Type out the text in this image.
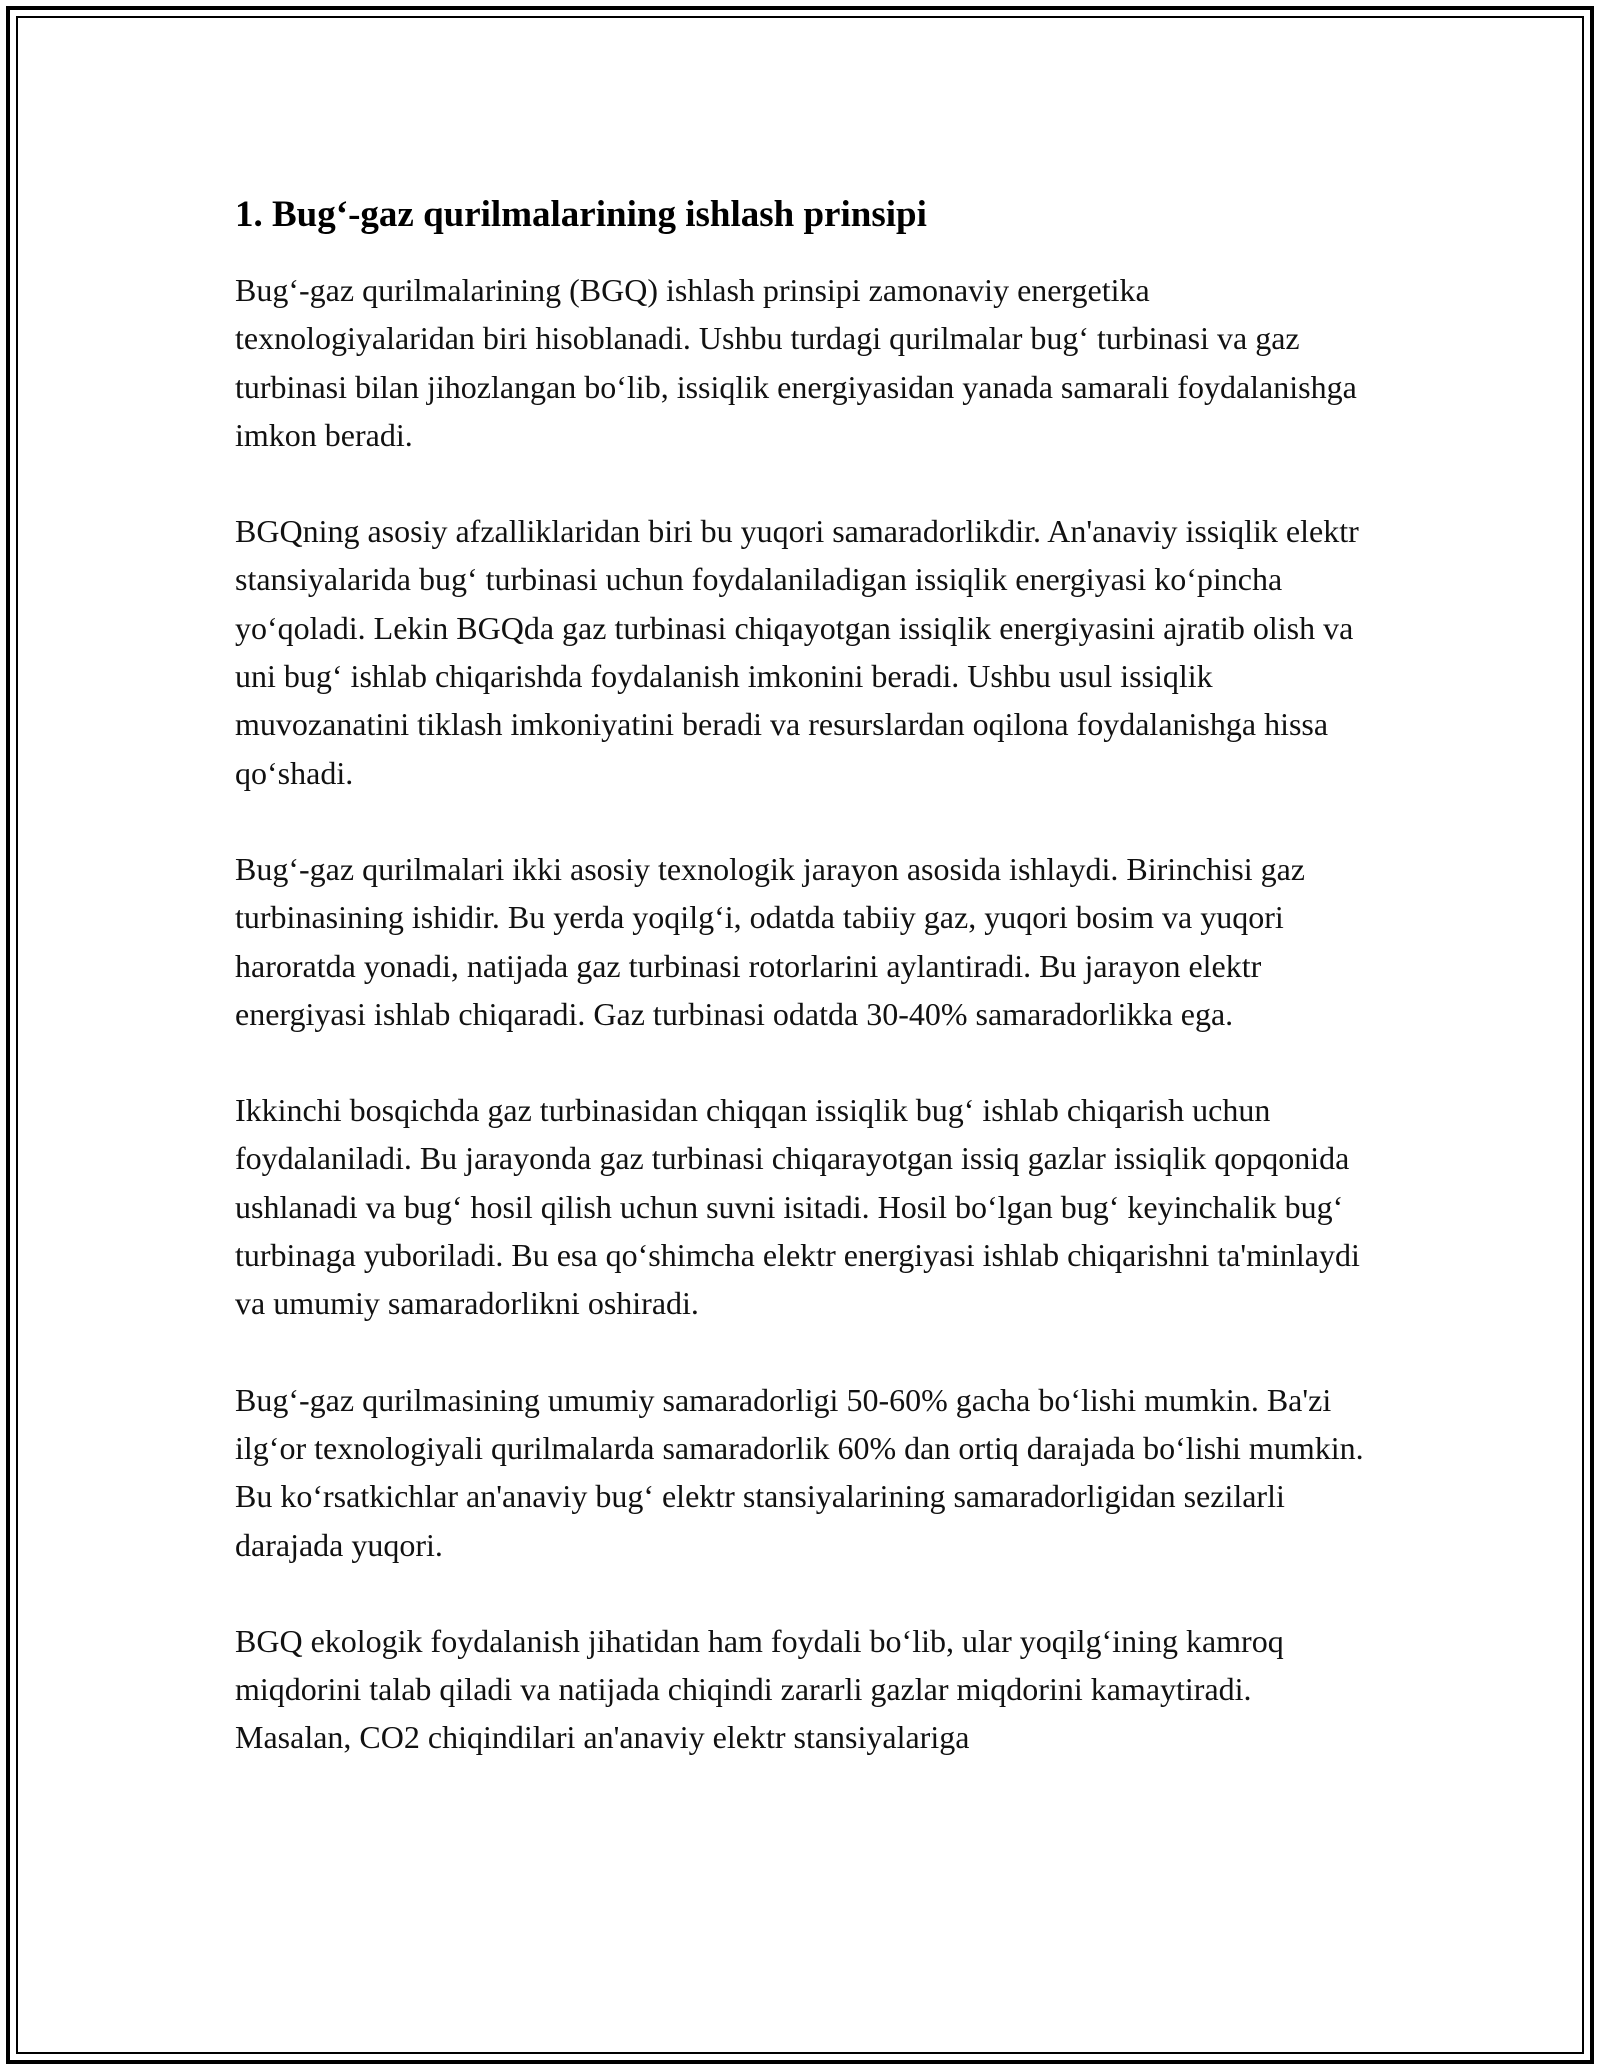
1. Bug‘-gaz qurilmalarining ishlash prinsipi

Bug‘-gaz qurilmalarining (BGQ) ishlash prinsipi zamonaviy energetika texnologiyalaridan biri hisoblanadi. Ushbu turdagi qurilmalar bug‘ turbinasi va gaz turbinasi bilan jihozlangan bo‘lib, issiqlik energiyasidan yanada samarali foydalanishga imkon beradi.

BGQning asosiy afzalliklaridan biri bu yuqori samaradorlikdir. An'anaviy issiqlik elektr stansiyalarida bug‘ turbinasi uchun foydalaniladigan issiqlik energiyasi ko‘pincha yo‘qoladi. Lekin BGQda gaz turbinasi chiqayotgan issiqlik energiyasini ajratib olish va uni bug‘ ishlab chiqarishda foydalanish imkonini beradi. Ushbu usul issiqlik muvozanatini tiklash imkoniyatini beradi va resurslardan oqilona foydalanishga hissa qo‘shadi.

Bug‘-gaz qurilmalari ikki asosiy texnologik jarayon asosida ishlaydi. Birinchisi gaz turbinasining ishidir. Bu yerda yoqilg‘i, odatda tabiiy gaz, yuqori bosim va yuqori haroratda yonadi, natijada gaz turbinasi rotorlarini aylantiradi. Bu jarayon elektr energiyasi ishlab chiqaradi. Gaz turbinasi odatda 30-40% samaradorlikka ega.

Ikkinchi bosqichda gaz turbinasidan chiqqan issiqlik bug‘ ishlab chiqarish uchun foydalaniladi. Bu jarayonda gaz turbinasi chiqarayotgan issiq gazlar issiqlik qopqonida ushlanadi va bug‘ hosil qilish uchun suvni isitadi. Hosil bo‘lgan bug‘ keyinchalik bug‘ turbinaga yuboriladi. Bu esa qo‘shimcha elektr energiyasi ishlab chiqarishni ta'minlaydi va umumiy samaradorlikni oshiradi.

Bug‘-gaz qurilmasining umumiy samaradorligi 50-60% gacha bo‘lishi mumkin. Ba'zi ilg‘or texnologiyali qurilmalarda samaradorlik 60% dan ortiq darajada bo‘lishi mumkin. Bu ko‘rsatkichlar an'anaviy bug‘ elektr stansiyalarining samaradorligidan sezilarli darajada yuqori.

BGQ ekologik foydalanish jihatidan ham foydali bo‘lib, ular yoqilg‘ining kamroq miqdorini talab qiladi va natijada chiqindi zararli gazlar miqdorini kamaytiradi. Masalan, CO2 chiqindilari an'anaviy elektr stansiyalariga
